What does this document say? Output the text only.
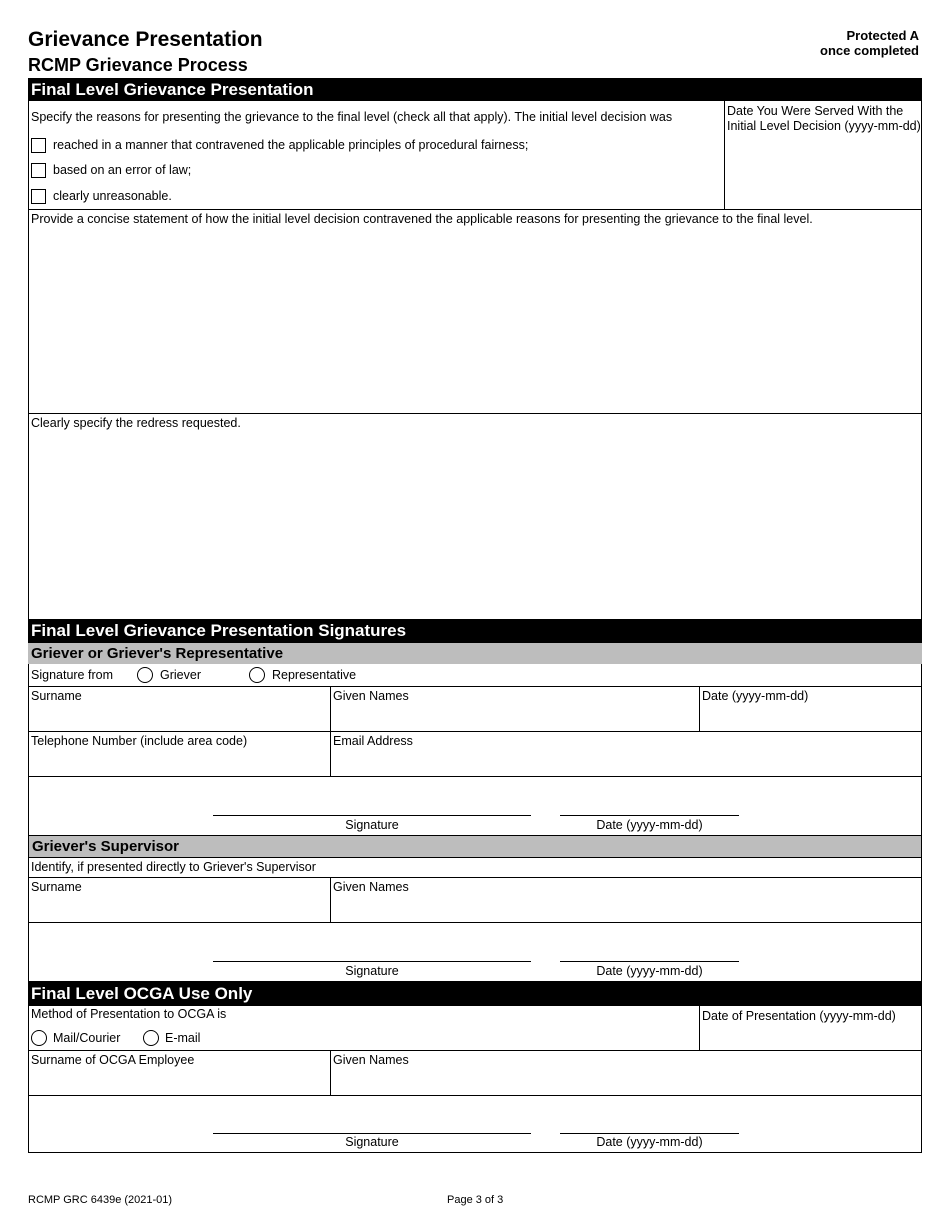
Grievance Presentation
RCMP Grievance Process
Protected A
once completed
Final Level Grievance Presentation
Specify the reasons for presenting the grievance to the final level (check all that apply). The initial level decision was
reached in a manner that contravened the applicable principles of procedural fairness;
based on an error of law;
clearly unreasonable.
Date You Were Served With the
Initial Level Decision (yyyy-mm-dd)
Provide a concise statement of how the initial level decision contravened the applicable reasons for presenting the grievance to the final level.
Clearly specify the redress requested.
Final Level Grievance Presentation Signatures
Griever or Griever's Representative
Signature from	Griever	Representative
Surname	Given Names	Date (yyyy-mm-dd)
Telephone Number (include area code)	Email Address
Signature	Date (yyyy-mm-dd)
Griever's Supervisor
Identify, if presented directly to Griever's Supervisor
Surname	Given Names
Signature	Date (yyyy-mm-dd)
Final Level OCGA Use Only
Method of Presentation to OCGA is
Mail/Courier	E-mail
Date of Presentation (yyyy-mm-dd)
Surname of OCGA Employee	Given Names
Signature	Date (yyyy-mm-dd)
RCMP GRC 6439e (2021-01)	Page 3 of 3
